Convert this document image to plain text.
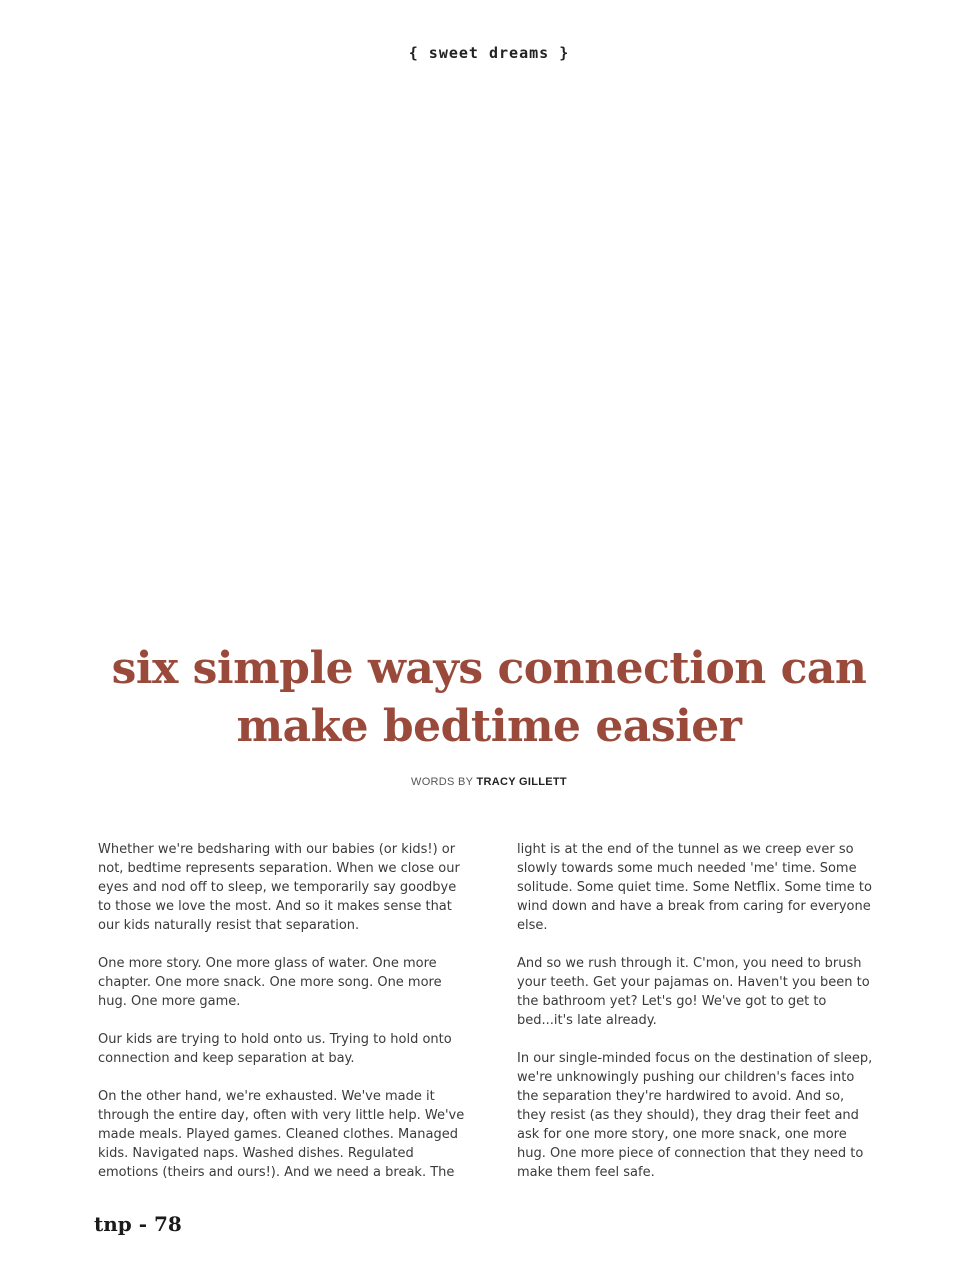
{ sweet dreams }
six simple ways connection can
make bedtime easier
WORDS BY TRACY GILLETT

Whether we're bedsharing with our babies (or kids!) or not, bedtime represents separation. When we close our eyes and nod off to sleep, we temporarily say goodbye to those we love the most. And so it makes sense that our kids naturally resist that separation.

One more story. One more glass of water. One more chapter. One more snack. One more song. One more hug. One more game.

Our kids are trying to hold onto us. Trying to hold onto connection and keep separation at bay.

On the other hand, we're exhausted. We've made it through the entire day, often with very little help. We've made meals. Played games. Cleaned clothes. Managed kids. Navigated naps. Washed dishes. Regulated emotions (theirs and ours!). And we need a break. The

light is at the end of the tunnel as we creep ever so slowly towards some much needed 'me' time. Some solitude. Some quiet time. Some Netflix. Some time to wind down and have a break from caring for everyone else.

And so we rush through it. C'mon, you need to brush your teeth. Get your pajamas on. Haven't you been to the bathroom yet? Let's go! We've got to get to bed...it's late already.

In our single-minded focus on the destination of sleep, we're unknowingly pushing our children's faces into the separation they're hardwired to avoid. And so, they resist (as they should), they drag their feet and ask for one more story, one more snack, one more hug. One more piece of connection that they need to make them feel safe.

tnp - 78
